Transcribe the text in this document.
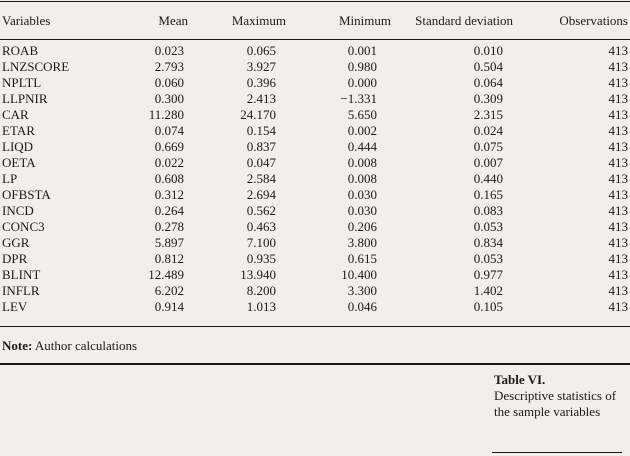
Variables	Mean	Maximum	Minimum	Standard deviation	Observations
ROAB	0.023	0.065	0.001	0.010	413
LNZSCORE	2.793	3.927	0.980	0.504	413
NPLTL	0.060	0.396	0.000	0.064	413
LLPNIR	0.300	2.413	−1.331	0.309	413
CAR	11.280	24.170	5.650	2.315	413
ETAR	0.074	0.154	0.002	0.024	413
LIQD	0.669	0.837	0.444	0.075	413
OETA	0.022	0.047	0.008	0.007	413
LP	0.608	2.584	0.008	0.440	413
OFBSTA	0.312	2.694	0.030	0.165	413
INCD	0.264	0.562	0.030	0.083	413
CONC3	0.278	0.463	0.206	0.053	413
GGR	5.897	7.100	3.800	0.834	413
DPR	0.812	0.935	0.615	0.053	413
BLINT	12.489	13.940	10.400	0.977	413
INFLR	6.202	8.200	3.300	1.402	413
LEV	0.914	1.013	0.046	0.105	413
Note: Author calculations
Table VI.
Descriptive statistics of the sample variables
